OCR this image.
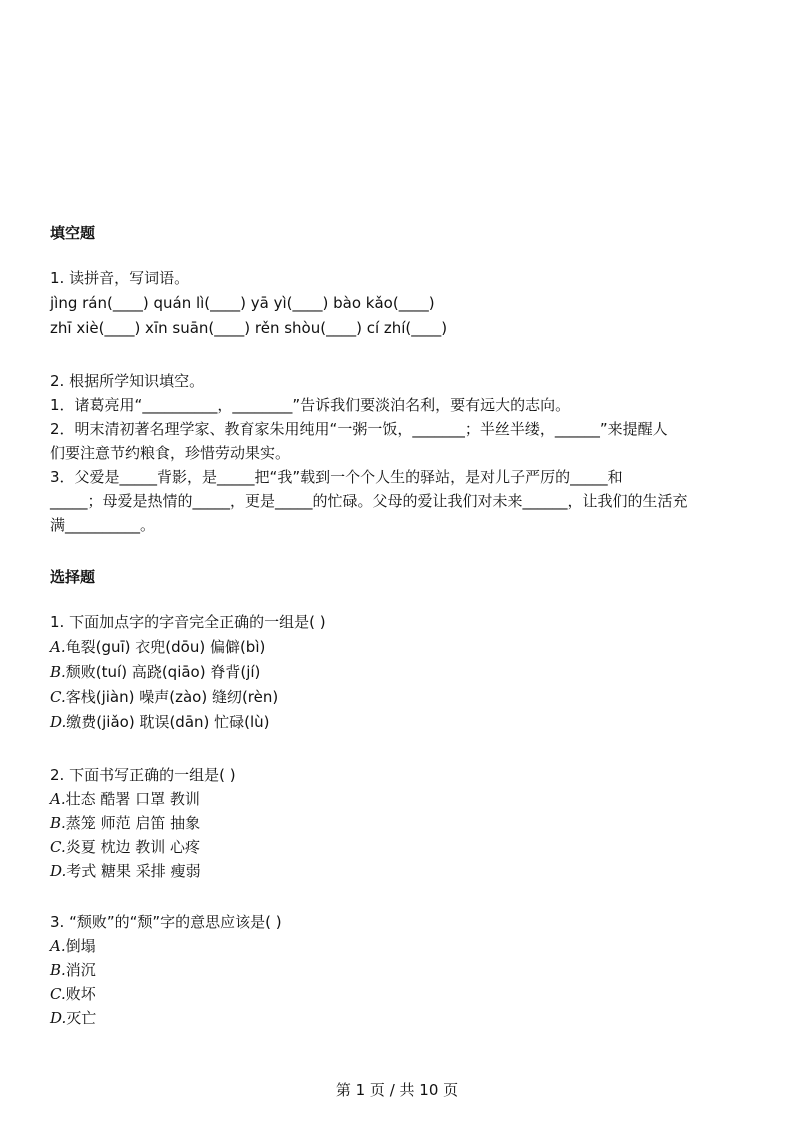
填空题
1. 读拼音，写词语。
jìng rán(____) quán lì(____) yā yì(____) bào kǎo(____)
zhī xiè(____) xīn suān(____) rěn shòu(____) cí zhí(____)
2. 根据所学知识填空。
1．诸葛亮用“__________，________”告诉我们要淡泊名利，要有远大的志向。
2．明末清初著名理学家、教育家朱用纯用“一粥一饭，_______；半丝半缕，______”来提醒人
们要注意节约粮食，珍惜劳动果实。
3．父爱是_____背影，是_____把“我”载到一个个人生的驿站，是对儿子严厉的_____和
_____；母爱是热情的_____，更是_____的忙碌。父母的爱让我们对未来______，让我们的生活充
满__________。
选择题
1. 下面加点字的字音完全正确的一组是( )
A.龟裂(guī) 衣兜(dōu) 偏僻(bì)
B.颓败(tuí) 高跷(qiāo) 脊背(jí)
C.客栈(jiàn) 噪声(zào) 缝纫(rèn)
D.缴费(jiǎo) 耽误(dān) 忙碌(lù)
2. 下面书写正确的一组是( )
A.壮态 酷署 口罩 教训
B.蒸笼 师范 启笛 抽象
C.炎夏 枕边 教训 心疼
D.考式 糖果 采排 瘦弱
3. “颓败”的“颓”字的意思应该是( )
A.倒塌
B.消沉
C.败坏
D.灭亡
第 1 页 / 共 10 页
